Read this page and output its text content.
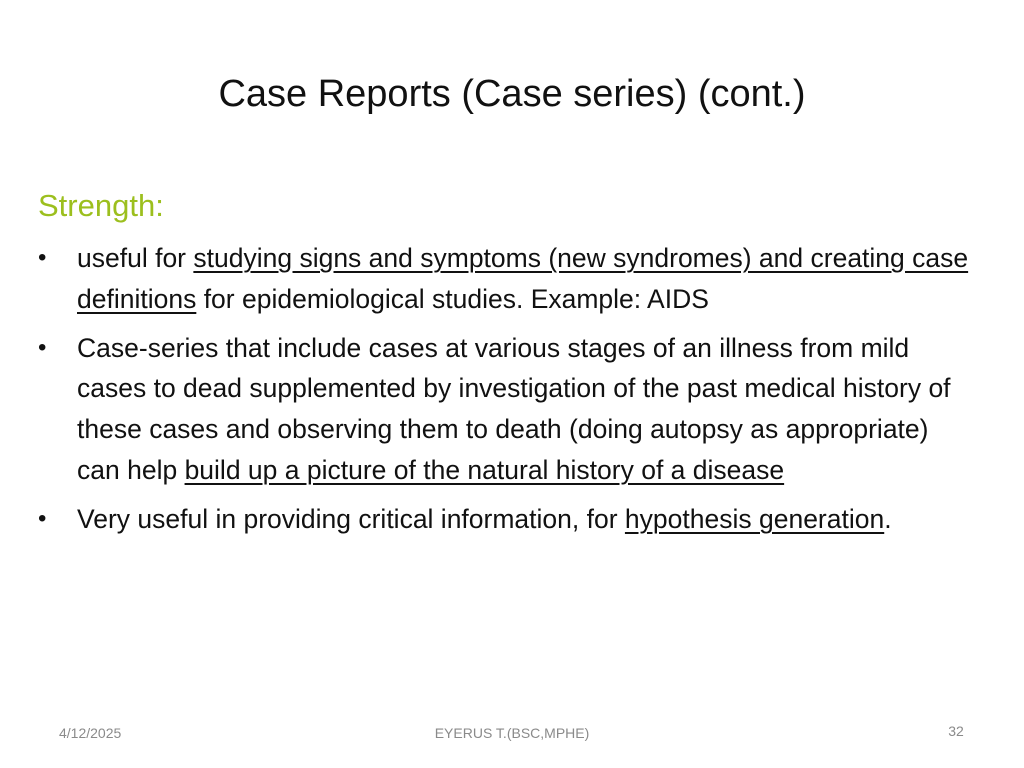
Case Reports (Case series) (cont.)
Strength:
•	useful for studying signs and symptoms (new syndromes) and creating case definitions for epidemiological studies. Example: AIDS
•	Case-series that include cases at various stages of an illness from mild cases to dead supplemented by investigation of the past medical history of these cases and observing them to death (doing autopsy as appropriate) can help build up a picture of the natural history of a disease
•	Very useful in providing critical information, for hypothesis generation.
4/12/2025	EYERUS T.(BSC,MPHE)	32
